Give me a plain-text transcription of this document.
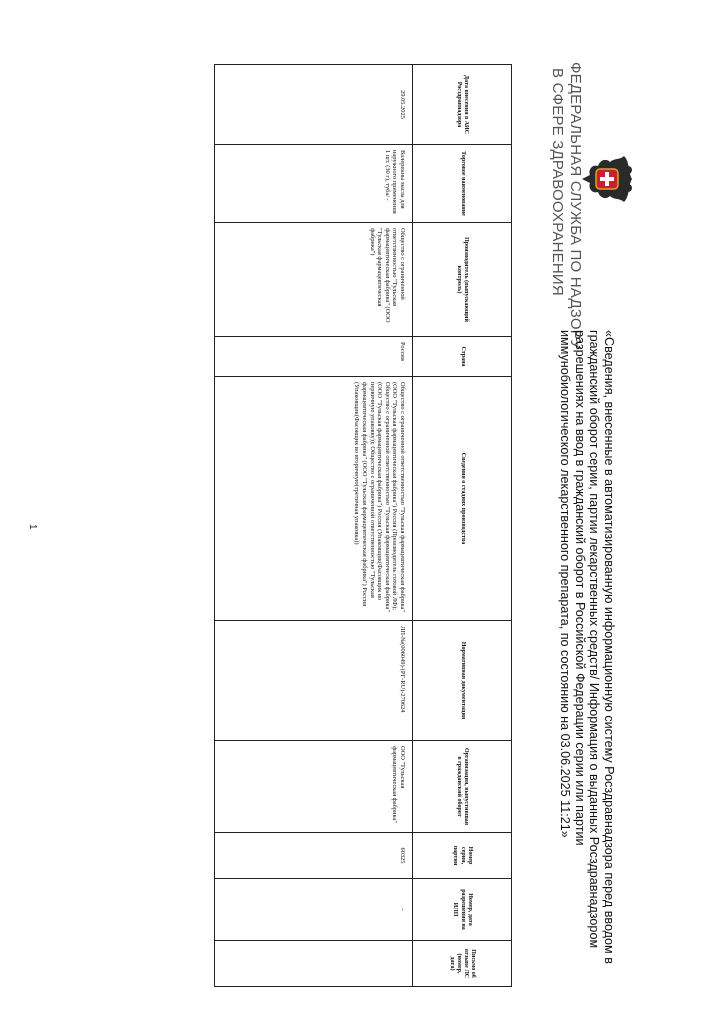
ФЕДЕРАЛЬНАЯ СЛУЖБА ПО НАДЗОРУ
В СФЕРЕ ЗДРАВООХРАНЕНИЯ
«Сведения, внесенные в автоматизированную информационную систему Росздравнадзора перед вводом в гражданский оборот серии, партии лекарственных средств/ Информация о выданных Росздравнадзором разрешениях на ввод в гражданский оборот в Российской Федерации серии или партии иммунобиологического лекарственного препарата, по состоянию на 03.06.2025 11:21»
Дата внесения в АИС Росздравнадзора	Торговое наименование	Производитель (выпускающий контроль)	Страна	Сведения о стадиях производства	Нормативная документация	Организация, выпустившая в гражданский оборот	Номер серии, партии	Номер, дата разрешения на ИЛП	Письмо об отзыве ЛС (номер, дата)
29.05.2025	Валерианы масла для наружного применения 1 шт. (30 г), туба/ -	Общество с ограниченной ответственностью "Тульская фармацевтическая фабрика" (ООО "Тульская фармацевтическая фабрика")	Россия	Общество с ограниченной ответственностью "Тульская фармацевтическая фабрика" (ООО "Тульская фармацевтическая фабрика") Россия (Производитель готовой ЛФ); Общество с ограниченной ответственностью "Тульская фармацевтическая фабрика" (ООО "Тульская фармацевтическая фабрика") Россия (Упаковщик(Фасовщик во первичную упаковку)); Общество с ограниченной ответственностью "Тульская фармацевтическая фабрика" (ООО "Тульская фармацевтическая фабрика") Россия (Упаковщик(Фасовщик вo вторичную(третичная упаковка))	ЛП-№(006049)-(РГ-RU)-270624	ООО "Тульская фармацевтическая фабрика"	60325	-	
1
